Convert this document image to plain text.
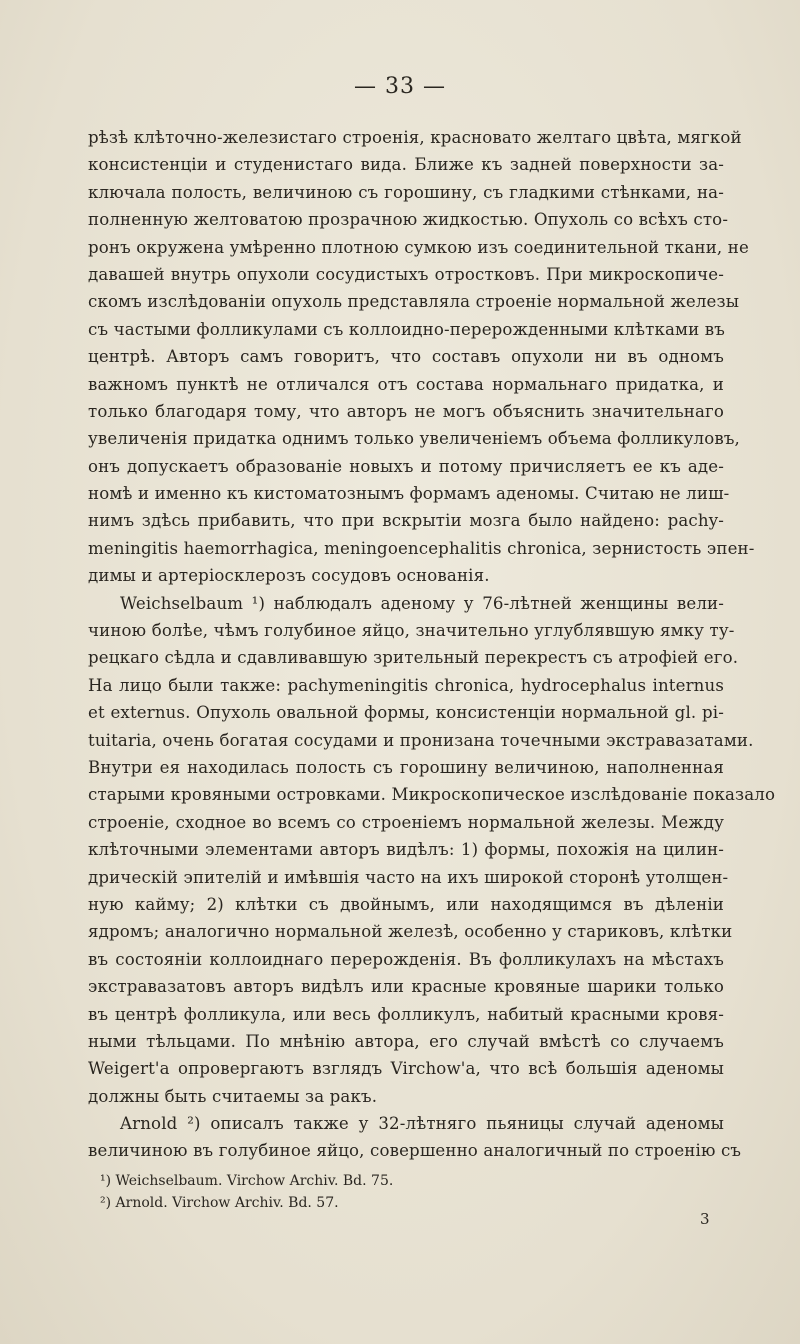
— 33 —
рѣзѣ клѣточно-железистаго строенія, красновато желтаго цвѣта, мягкой
консистенціи и студенистаго вида. Ближе къ задней поверхности за-
ключала полость, величиною съ горошину, съ гладкими стѣнками, на-
полненную желтоватою прозрачною жидкостью. Опухоль со всѣхъ сто-
ронъ окружена умѣренно плотною сумкою изъ соединительной ткани, не
давашей внутрь опухоли сосудистыхъ отростковъ. При микроскопиче-
скомъ изслѣдованіи опухоль представляла строеніе нормальной железы
съ частыми фолликулами съ коллоидно-перерожденными клѣтками въ
центрѣ. Авторъ самъ говоритъ, что составъ опухоли ни въ одномъ
важномъ пунктѣ не отличался отъ состава нормальнаго придатка, и
только благодаря тому, что авторъ не могъ объяснить значительнаго
увеличенія придатка однимъ только увеличеніемъ объема фолликуловъ,
онъ допускаетъ образованіе новыхъ и потому причисляетъ ее къ аде-
номѣ и именно къ кистоматознымъ формамъ аденомы. Считаю не лиш-
нимъ здѣсь прибавить, что при вскрытіи мозга было найдено: pachy-
meningitis haemorrhagica, meningoencephalitis chronica, зернистость эпен-
димы и артеріосклерозъ сосудовъ основанія.
Weichselbaum ¹) наблюдалъ аденому у 76-лѣтней женщины вели-
чиною болѣе, чѣмъ голубиное яйцо, значительно углублявшую ямку ту-
рецкаго сѣдла и сдавливавшую зрительный перекрестъ съ атрофіей его.
На лицо были также: pachymeningitis chronica, hydrocephalus internus
et externus. Опухоль овальной формы, консистенціи нормальной gl. pi-
tuitaria, очень богатая сосудами и пронизана точечными экстравазатами.
Внутри ея находилась полость съ горошину величиною, наполненная
старыми кровяными островками. Микроскопическое изслѣдованіе показало
строеніе, сходное во всемъ со строеніемъ нормальной железы. Между
клѣточными элементами авторъ видѣлъ: 1) формы, похожія на цилин-
дрическій эпителій и имѣвшія часто на ихъ широкой сторонѣ утолщен-
ную кайму; 2) клѣтки съ двойнымъ, или находящимся въ дѣленіи
ядромъ; аналогично нормальной железѣ, особенно у стариковъ, клѣтки
въ состояніи коллоиднаго перерожденія. Въ фолликулахъ на мѣстахъ
экстравазатовъ авторъ видѣлъ или красные кровяные шарики только
въ центрѣ фолликула, или весь фолликулъ, набитый красными кровя-
ными тѣльцами. По мнѣнію автора, его случай вмѣстѣ со случаемъ
Weigert'а опровергаютъ взглядъ Virchow'а, что всѣ большія аденомы
должны быть считаемы за ракъ.
Arnold ²) описалъ также у 32-лѣтняго пьяницы случай аденомы
величиною въ голубиное яйцо, совершенно аналогичный по строенію съ
¹) Weichselbaum. Virchow Archiv. Bd. 75.
²) Arnold. Virchow Archiv. Bd. 57.
3
